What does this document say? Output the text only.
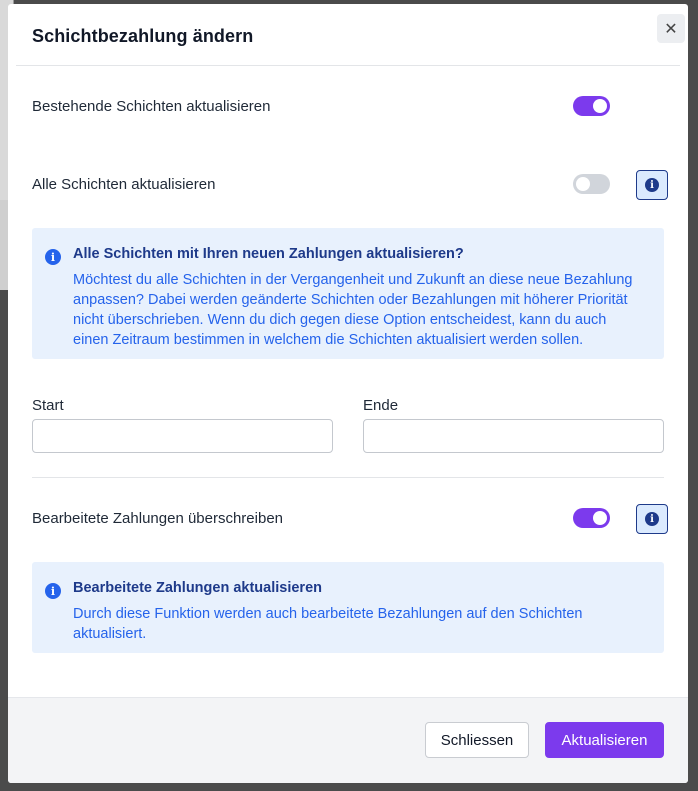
Schichtbezahlung ändern	✕
Bestehende Schichten aktualisieren
Alle Schichten aktualisieren	i
i	Alle Schichten mit Ihren neuen Zahlungen aktualisieren?
Möchtest du alle Schichten in der Vergangenheit und Zukunft an diese neue Bezahlung
anpassen? Dabei werden geänderte Schichten oder Bezahlungen mit höherer Priorität
nicht überschrieben. Wenn du dich gegen diese Option entscheidest, kann du auch
einen Zeitraum bestimmen in welchem die Schichten aktualisiert werden sollen.
Start	Ende
Bearbeitete Zahlungen überschreiben	i
i	Bearbeitete Zahlungen aktualisieren
Durch diese Funktion werden auch bearbeitete Bezahlungen auf den Schichten
aktualisiert.
Schliessen	Aktualisieren
